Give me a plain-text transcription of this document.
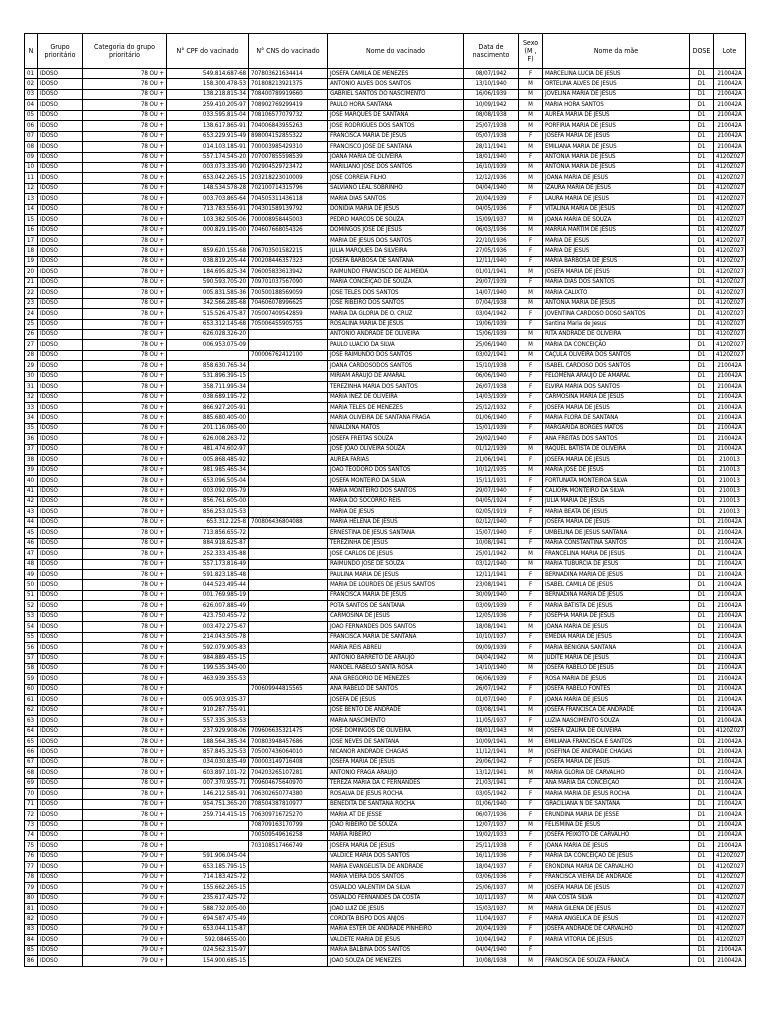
N	Grupo prioritário	Categoria do grupo prioritário	N° CPF do vacinado	N° CNS do vacinado	Nome do vacinado	Data de nascimento	Sexo (M , F)	Nome da mãe	DOSE	Lote
01	IDOSO	78 OU +	549.814.687-68	707803621634414	JOSEFA CAMILA DE MENEZES	08/07/1942	F	MARCELINA LUCIA DE JESUS	D1	210042A
02	IDOSO	78 OU +	158.300.478-53	701808213921375	ANTONIO ALVES DOS SANTOS	13/10/1940	M	ORTELINA ALVES DE JESUS	D1	210042A
03	IDOSO	78 OU +	138.218.815-34	708400789919660	GABRIEL SANTOS DO NASCIMENTO	16/06/1939	M	JOVELINA MARIA DE JESUS	D1	210042A
04	IDOSO	78 OU +	259.410.205-97	708902769299419	PAULO HORA SANTANA	10/09/1942	M	MARIA HORA SANTOS	D1	210042A
05	IDOSO	78 OU +	033.595.815-04	708106577079732	JOSE MARQUES DE SANTANA	08/08/1938	M	AUREA MARIA DE JESUS	D1	210042A
06	IDOSO	78 OU +	138.617.865-91	704006843955263	JOSE RODRIGUES DOS SANTOS	25/07/1938	M	PORFIRIA MARIA DE JESUS	D1	210042A
07	IDOSO	78 OU +	653.229.915-49	898004152855322	FRANCISCA MARIA DE JESUS	05/07/1938	F	JOSEFA MARIA DE JESUS	D1	210042A
08	IDOSO	78 OU +	014.103.185-91	700003985429310	FRANCISCO JOSE DE SANTANA	28/11/1941	M	EMILIANA MARIA DE JESUS	D1	210042A
09	IDOSO	78 OU +	557.174.545-20	707007855598539	JOANA MARIA DE OLIVEIRA	18/01/1940	F	ANTONIA MARIA DE JESUS	D1	4120Z027
10	IDOSO	78 OU +	003.073.335-90	702904529723472	MARILIANO JOSE DOS SANTOS	16/10/1939	M	ANTONIA MARIA DE JESUS	D1	4120Z027
11	IDOSO	78 OU +	653.042.265-15	203218223010009	JOSE CORREIA FILHO	12/12/1936	M	JOANA MARIA DE JESUS	D1	4120Z027
12	IDOSO	78 OU +	148.534.578-28	702100714315796	SALVIANO LEAL SOBRINHO	04/04/1940	M	IZAURA MARIA DE JESUS	D1	4120Z027
13	IDOSO	78 OU +	003.703.865-64	704505311436118	MARIA DIAS SANTOS	20/04/1939	F	LAURA MARIA DE JESUS	D1	4120Z027
14	IDOSO	78 OU +	713.783.556-91	704301589139792	DONIDIA MARIA DE JESUS	04/05/1936	F	VITALINA MARIA DE JESUS	D1	4120Z027
15	IDOSO	78 OU +	103.382.505-06	700008958445003	PEDRO MARCOS DE SOUZA	15/09/1937	M	JOANA MARIA DE SOUZA	D1	4120Z027
16	IDOSO	78 OU +	000.829.195-00	704607668054326	DOMINGOS JOSE DE JESUS	06/03/1936	M	MARRIA MARTIM DE JESUS	D1	4120Z027
17	IDOSO	78 OU +			MARIA DE JESUS DOS SANTOS	22/10/1936	F	MARIA DE JESUS	D1	4120Z027
18	IDOSO	78 OU +	859.620.155-68	706703501582215	JULIA MARQUES DA SILVEIRA	27/05/1936	F	MARIA DE JESUS	D1	4120Z027
19	IDOSO	78 OU +	038.819.205-44	700208446357323	JOSEFA BARBOSA DE SANTANA	12/11/1940	F	MARIA BARBOSA DE JESUS	D1	4120Z027
20	IDOSO	78 OU +	184.695.825-34	706005833613942	RAIMUNDO FRANCISCO DE ALMEIDA	01/01/1941	M	JOSEFA MARIA DE JESUS	D1	4120Z027
21	IDOSO	78 OU +	590.593.705-20	709701037567090	MARIA CONCEIÇÃO DE SOUZA	29/07/1939	F	MARIA DIAS DOS SANTOS	D1	4120Z027
22	IDOSO	78 OU +	005.831.585-36	700500188569059	JOSE TELES DOS SANTOS	14/07/1940	M	MARIA CALIXTO	D1	4120Z027
23	IDOSO	78 OU +	342.566.285-68	704606078996625	JOSE RIBEIRO DOS SANTOS	07/04/1938	M	ANTONIA MARIA DE JESUS	D1	4120Z027
24	IDOSO	78 OU +	515.526.475-87	705007409542859	MARIA DA GLORIA DE O. CRUZ	03/04/1942	F	JOVENTINA CARDOSO DOSO SANTOS	D1	4120Z027
25	IDOSO	78 OU +	653.312.145-68	705006455905755	ROSALINA MARIA DE JESUS	19/06/1939	F	Santina Maria de Jesus	D1	4120Z027
26	IDOSO	78 OU +	626.028.326-20		ANTONIO ANDRADE DE OLIVEIRA	15/06/1939	M	RITA ANDRADE DE OLIVEIRA	D1	4120Z027
27	IDOSO	78 OU +	006.953.075-09		PAULO LUACIO DA SILVA	25/06/1940	M	MARIA DA CONCEIÇÃO	D1	4120Z027
28	IDOSO	78 OU +		700006762412100	JOSE RAIMUNDO DOS SANTOS	03/02/1941	M	CAÇULA OLIVEIRA DOS SANTOS	D1	4120Z027
29	IDOSO	78 OU +	858.630.765-34		JOANA CARDOSODOS SANTOS	15/10/1938	F	ISABEL CARDOSO DOS SANTOS	D1	210042A
30	IDOSO	78 OU +	531.896.395-15		MIRIAM ARAUJO DE AMARAL	06/06/1940	F	FELOMENA ARAUJO DE AMARAL	D1	210042A
31	IDOSO	78 OU +	358.711.995-34		TEREZINHA MARIA DOS SANTOS	26/07/1938	F	ELVIRA MARIA DOS SANTOS	D1	210042A
32	IDOSO	78 OU +	038.689.195-72		MARIA INEZ DE OLIVEIRA	14/03/1939	F	CARMOSINA MARIA DE JESUS	D1	210042A
33	IDOSO	78 OU +	866.927.205-91		MARIA TELES DE MENEZES	25/12/1932	F	JOSEFA MARIA DE JESUS	D1	210042A
34	IDOSO	78 OU +	885.680.405-00		MARIA OLIVEIRA DE SANTANA FRAGA	01/06/1940	F	MARIA FLORA DE SANTANA	D1	210042A
35	IDOSO	78 OU +	201.116.065-00		NIVALDINA MATOS	15/01/1939	F	MARGARIDA BORGES MATOS	D1	210042A
36	IDOSO	78 OU +	626.008.263-72		JOSEFA FREITAS SOUZA	29/02/1940	F	ANA FREITAS DOS SANTOS	D1	210042A
37	IDOSO	78 OU +	481.474.602-97		JOSE JOAO OLIVEIRA SOUZA	01/12/1939	M	RAQUEL BATISTA DE OLIVEIRA	D1	210042A
38	IDOSO	78 OU +	005.868.485-92		AUREA FARIAS	21/06/1941	F	JOSEFA MARIA DE JESUS	D1	210013
39	IDOSO	78 OU +	981.985.465-34		JOAO TEODORO DOS SANTOS	10/12/1935	M	MARIA JOSE DE JESUS	D1	210013
40	IDOSO	78 OU +	653.096.505-04		JOSEFA MONTEIRO DA SILVA	15/11/1931	F	FORTUNATA MONTEIROA SILVA	D1	210013
41	IDOSO	78 OU +	003.092.095-79		MARIA MONTEIRO DOS SANTOS	29/07/1940	F	CALIOPA MONTEIRO DA SILVA	D1	210013
42	IDOSO	78 OU +	856.761.605-00		MARIA DO SOCORRO REIS	04/05/1924	F	JULIA MARIA DE JESUS	D1	210013
43	IDOSO	78 OU +	856.253.025-53		MARIA DE JESUS	02/05/1919	F	MARIA BEATA DE JESUS	D1	210013
44	IDOSO	78 OU +	653.312.225-8	700806436804088	MARIA HELENA DE JESUS	02/12/1940	F	JOSEFA MARIA DE JESUS	D1	210042A
45	IDOSO	78 OU +	713.856.655-72		ERNESTINA DE JESUS SANTANA	15/07/1940	F	UMBELINA DE JESUS SANTANA	D1	210042A
46	IDOSO	78 OU +	884.918.625-87		TEREZINHA DE JESUS	10/08/1941	F	MARIA CONSTANTINA SANTOS	D1	210042A
47	IDOSO	78 OU +	252.333.435-88		JOSE CARLOS DE JESUS	25/01/1942	M	FRANCELINA MARIA DE JESUS	D1	210042A
48	IDOSO	78 OU +	557.173.816-49		RAIMUNDO JOSE DE SOUZA	03/12/1940	M	MARIA TUBURCIA DE JESUS	D1	210042A
49	IDOSO	78 OU +	591.823.185-48		PAULINA MARIA DE JESUS	12/11/1941	F	BERNADINA MARIA DE JESUS	D1	210042A
50	IDOSO	78 OU +	044.523.495-44		MARIA DE LOURDES DE JESUS SANTOS	23/08/1941	F	ISABEL CAMILA DE JESUS	D1	210042A
51	IDOSO	78 OU +	001.769.985-19		FRANCISCA MARIA DE JESUS	30/09/1940	F	BERNADINA MARIA DE JESUS	D1	210042A
52	IDOSO	78 OU +	626.007.885-49		POTA SANTOS DE SANTANA	03/09/1939	F	MARIA BATISTA DE JESUS	D1	210042A
53	IDOSO	78 OU +	423.750.455-72		CARMOSINA DE JESUS	12/05/1936	F	JOSEPHA MARIA DE JESUS	D1	210042A
54	IDOSO	78 OU +	003.472.275-67		JOAO FERNANDES DOS SANTOS	18/08/1941	M	JOANA MARIA DE JESUS	D1	210042A
55	IDOSO	78 OU +	214.043.505-78		FRANCISCA MARIA DE SANTANA	10/10/1937	F	EMEDIA MARIA DE JESUS	D1	210042A
56	IDOSO	78 OU +	592.079.905-83		MARIA REIS ABREU	09/09/1939	F	MARIA BENIGNA SANTANA	D1	210042A
57	IDOSO	78 OU +	984.889.455-15		ANTONIO BARRETO DE ARAUJO	04/04/1942	M	JUDITE MARIA DE JESUS	D1	210042A
58	IDOSO	78 OU +	199.535.345-00		MANOEL RABELO SANTA ROSA	14/10/1940	M	JOSEFA RABELO DE JESUS	D1	210042A
59	IDOSO	78 OU +	463.939.355-53		ANA GREGORIO DE MENEZES	06/06/1939	F	ROSA MARIA DE JESUS	D1	210042A
60	IDOSO	78 OU +		700609944815565	ANA RABELO DE SANTOS	26/07/1942	F	JOSEFA RABELO FONTES	D1	210042A
61	IDOSO	78 OU +	005.903.935-37		JOSEFA DE JESUS	01/07/1940	F	JOANA MARIA DE JESUS	D1	210042A
62	IDOSO	78 OU +	910.287.755-91		JOSE BENTO DE ANDRADE	03/08/1941	M	JOSEFA FRANCISCA DE ANDRADE	D1	210042A
63	IDOSO	78 OU +	557.335.305-53		MARIA NASCIMENTO	11/05/1937	F	LUZIA NASCIMENTO SOUZA	D1	210042A
64	IDOSO	78 OU +	237.929.908-06	709606635321475	JOSE DOMINGOS DE OLIVEIRA	08/01/1943	M	JOSEFA IZAURA DE OLIVEIRA	D1	4120Z027
65	IDOSO	78 OU +	188.564.385-34	700803948457686	JOSE NEVES DE SANTANA	10/09/1941	M	EMILIANA FRANCISCA E SANTOS	D1	210042A
66	IDOSO	78 OU +	857.845.325-53	705007436064010	NICANOR ANDRADE CHAGAS	11/12/1941	M	JOSEFINA DE ANDRADE CHAGAS	D1	210042A
67	IDOSO	78 OU +	034.030.835-49	700003149716408	JOSEFA MARIA DE JESUS	29/06/1942	F	JOSEFA MARIA DE JESUS	D1	210042A
68	IDOSO	78 OU +	603.897.101-72	704203265107281	ANTONIO FRAGA ARAUJO	13/12/1941	M	MARIA GLORIA DE CARVALHO	D1	210042A
69	IDOSO	78 OU +	007.370.955-71	709604675640970	TEREZA MARIA DA C FERNANDES	21/03/1941	F	ANA MARIA DA CONCEIÇÃO	D1	210042A
70	IDOSO	78 OU +	146.212.585-91	706302650774380	ROSALVA DE JESUS ROCHA	03/05/1942	F	MARIA MARIA DE JESUS ROCHA	D1	210042A
71	IDOSO	78 OU +	954.751.365-20	708504387810977	BENEDITA DE SANTANA ROCHA	01/06/1940	F	GRACILIANA N DE SANTANA	D1	210042A
72	IDOSO	78 OU +	259.714.415-15	706309716725270	MARIA AT DE JESSE	06/07/1936	F	ERUNDINA MARIA DE JESSE	D1	210042A
73	IDOSO	78 OU +		708709163170799	JOAO RIBEIRO DE SOUZA	12/07/1937	M	FELISMINA DE JESUS	D1	210042A
74	IDOSO	78 OU +		700509549616258	MARIA RIBEIRO	19/02/1933	F	JOSEFA PEIXOTO DE CARVALHO	D1	210042A
75	IDOSO	78 OU +		703108517466749	JOSEFA MARIA DE JESUS	25/11/1938	F	JOANA MARIA DE JESUS	D1	210042A
76	IDOSO	79 OU +	591.906.045-04		VALDICE MARIA DOS SANTOS	16/11/1936	F	MARIA DA CONCEIÇÃO DE JESUS	D1	4120Z027
77	IDOSO	79 OU +	653.185.795-15		MARIA EVANGELISTA DE ANDRADE	18/04/1937	F	ERONDINA MARIA DE CARVALHO	D1	4120Z027
78	IDOSO	79 OU +	714.183.425-72		MARIA VIEIRA DOS SANTOS	03/06/1936	F	FRANCISCA VIEIRA DE ANDRADE	D1	4120Z027
79	IDOSO	79 OU +	155.662.265-15		OSVALDO VALENTIM DA SILVA	25/06/1937	M	JOSEFA MARIA DE JESUS	D1	4120Z027
80	IDOSO	79 OU +	235.617.425-72		OSVALDO FERNANDES DA COSTA	10/11/1937	M	ANA COSTA SILVA	D1	4120Z027
81	IDOSO	79 OU +	588.732.005-00		JOAO LUIZ DE JESUS	15/03/1937	M	MARIA GILENA DE JESUS	D1	4120Z027
82	IDOSO	79 OU +	694.587.475-49		CORDITA BISPO DOS ANJOS	11/04/1937	F	MARIA ANGELICA DE JESUS	D1	4120Z027
83	IDOSO	79 OU +	653.044.115-87		MARIA ESTER DE ANDRADE PINHEIRO	20/04/1939	F	JOSEFA ANDRADE DE CARVALHO	D1	4120Z027
84	IDOSO	79 OU +	592.084655-00		VALDETE MARIA DE JESUS	10/04/1942	F	MARIA VITORIA DE JESUS	D1	4120Z027
85	IDOSO	79 OU +	024.562.315-97		MARIA BALBINA DOS SANTOS	04/04/1940	F		D1	210042A
86	IDOSO	79 OU +	154.900.685-15		JOAO SOUZA DE MENEZES	10/08/1938	M	FRANCISCA DE SOUZA FRANCA	D1	210042A
